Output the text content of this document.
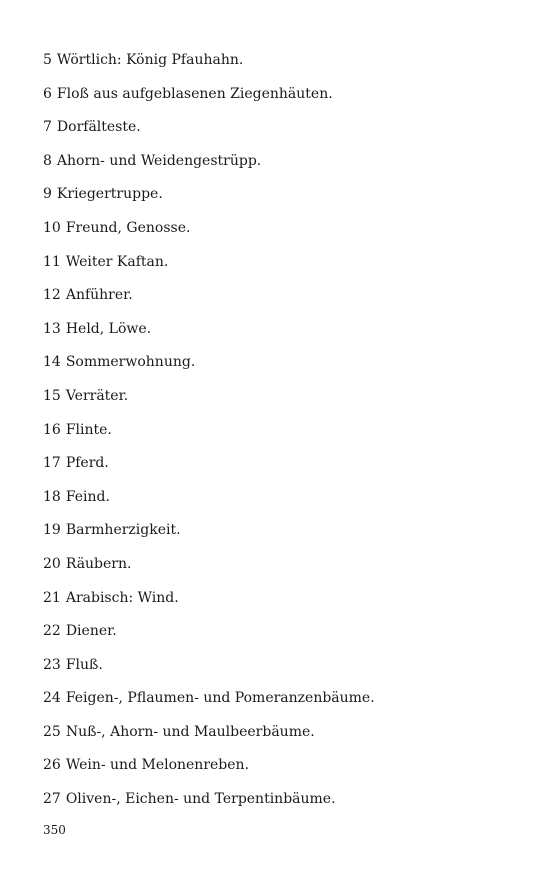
5 Wörtlich: König Pfauhahn.
6 Floß aus aufgeblasenen Ziegenhäuten.
7 Dorfälteste.
8 Ahorn- und Weidengestrüpp.
9 Kriegertruppe.
10 Freund, Genosse.
11 Weiter Kaftan.
12 Anführer.
13 Held, Löwe.
14 Sommerwohnung.
15 Verräter.
16 Flinte.
17 Pferd.
18 Feind.
19 Barmherzigkeit.
20 Räubern.
21 Arabisch: Wind.
22 Diener.
23 Fluß.
24 Feigen-, Pflaumen- und Pomeranzenbäume.
25 Nuß-, Ahorn- und Maulbeerbäume.
26 Wein- und Melonenreben.
27 Oliven-, Eichen- und Terpentinbäume.
350
